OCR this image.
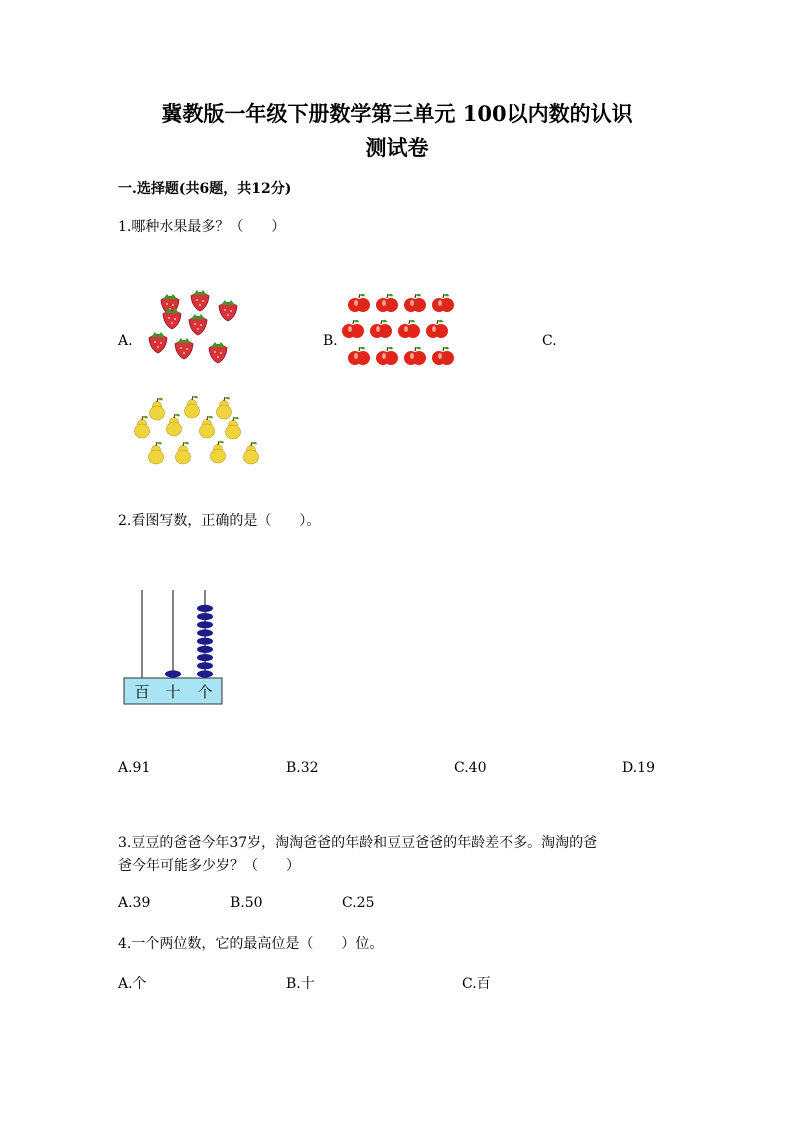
冀教版一年级下册数学第三单元 100以内数的认识
测试卷
一.选择题(共6题，共12分)
1.哪种水果最多？（　　）
A.	B.	C.
2.看图写数，正确的是（　　）。
百 十 个
A.91	B.32	C.40	D.19
3.豆豆的爸爸今年37岁，淘淘爸爸的年龄和豆豆爸爸的年龄差不多。淘淘的爸
爸今年可能多少岁？（　　）
A.39	B.50	C.25
4.一个两位数，它的最高位是（　　）位。
A.个	B.十	C.百
